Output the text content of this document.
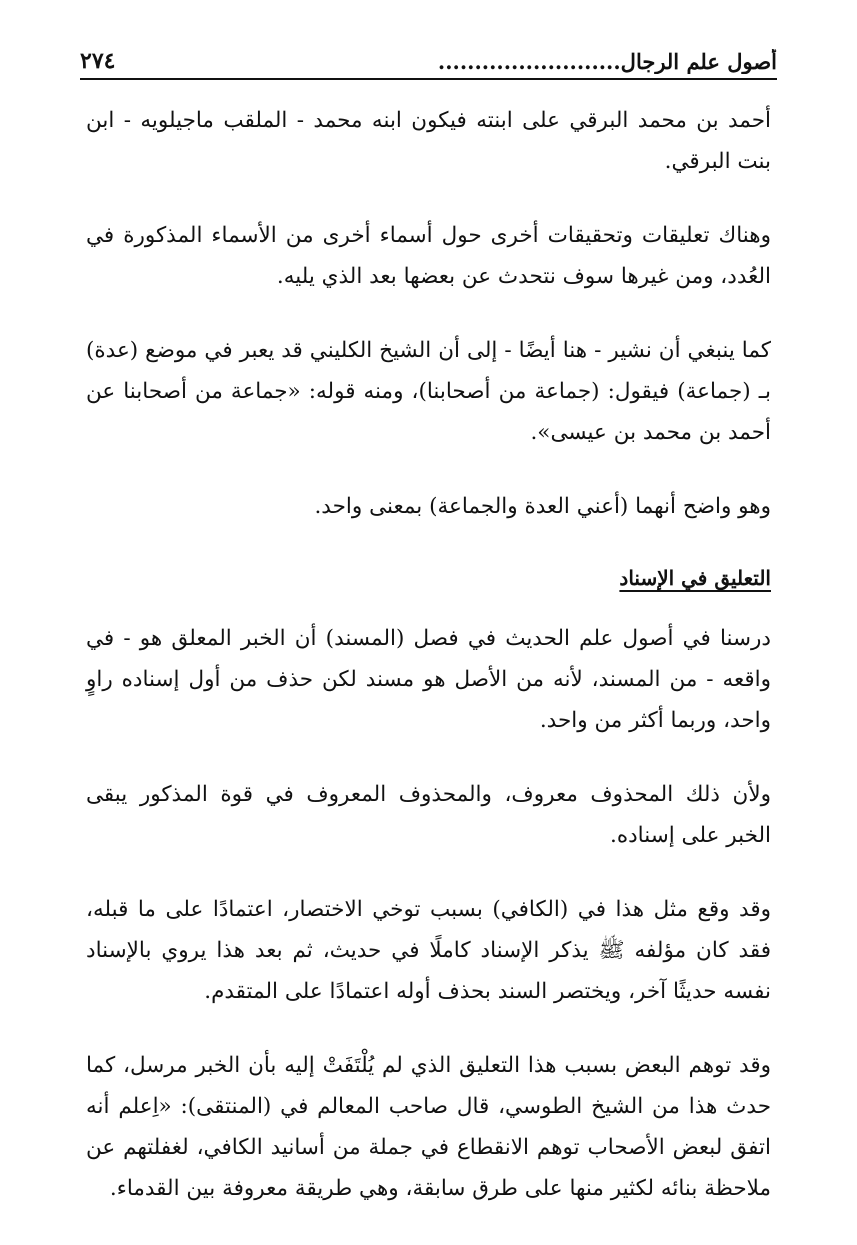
أصول علم الرجال.........................
٢٧٤

أحمد بن محمد البرقي على ابنته فيكون ابنه محمد - الملقب ماجيلويه - ابن بنت البرقي.

وهناك تعليقات وتحقيقات أخرى حول أسماء أخرى من الأسماء المذكورة في العُدد، ومن غيرها سوف نتحدث عن بعضها بعد الذي يليه.

كما ينبغي أن نشير - هنا أيضًا - إلى أن الشيخ الكليني قد يعبر في موضع (عدة) بـ (جماعة) فيقول: (جماعة من أصحابنا)، ومنه قوله: «جماعة من أصحابنا عن أحمد بن محمد بن عيسى».

وهو واضح أنهما (أعني العدة والجماعة) بمعنى واحد.

التعليق في الإسناد

درسنا في أصول علم الحديث في فصل (المسند) أن الخبر المعلق هو - في واقعه - من المسند، لأنه من الأصل هو مسند لكن حذف من أول إسناده راوٍ واحد، وربما أكثر من واحد.

ولأن ذلك المحذوف معروف، والمحذوف المعروف في قوة المذكور يبقى الخبر على إسناده.

وقد وقع مثل هذا في (الكافي) بسبب توخي الاختصار، اعتمادًا على ما قبله، فقد كان مؤلفه ﷺ يذكر الإسناد كاملًا في حديث، ثم بعد هذا يروي بالإسناد نفسه حديثًا آخر، ويختصر السند بحذف أوله اعتمادًا على المتقدم.

وقد توهم البعض بسبب هذا التعليق الذي لم يُلْتَفَتْ إليه بأن الخبر مرسل، كما حدث هذا من الشيخ الطوسي، قال صاحب المعالم في (المنتقى): «اِعلم أنه اتفق لبعض الأصحاب توهم الانقطاع في جملة من أسانيد الكافي، لغفلتهم عن ملاحظة بنائه لكثير منها على طرق سابقة، وهي طريقة معروفة بين القدماء.
